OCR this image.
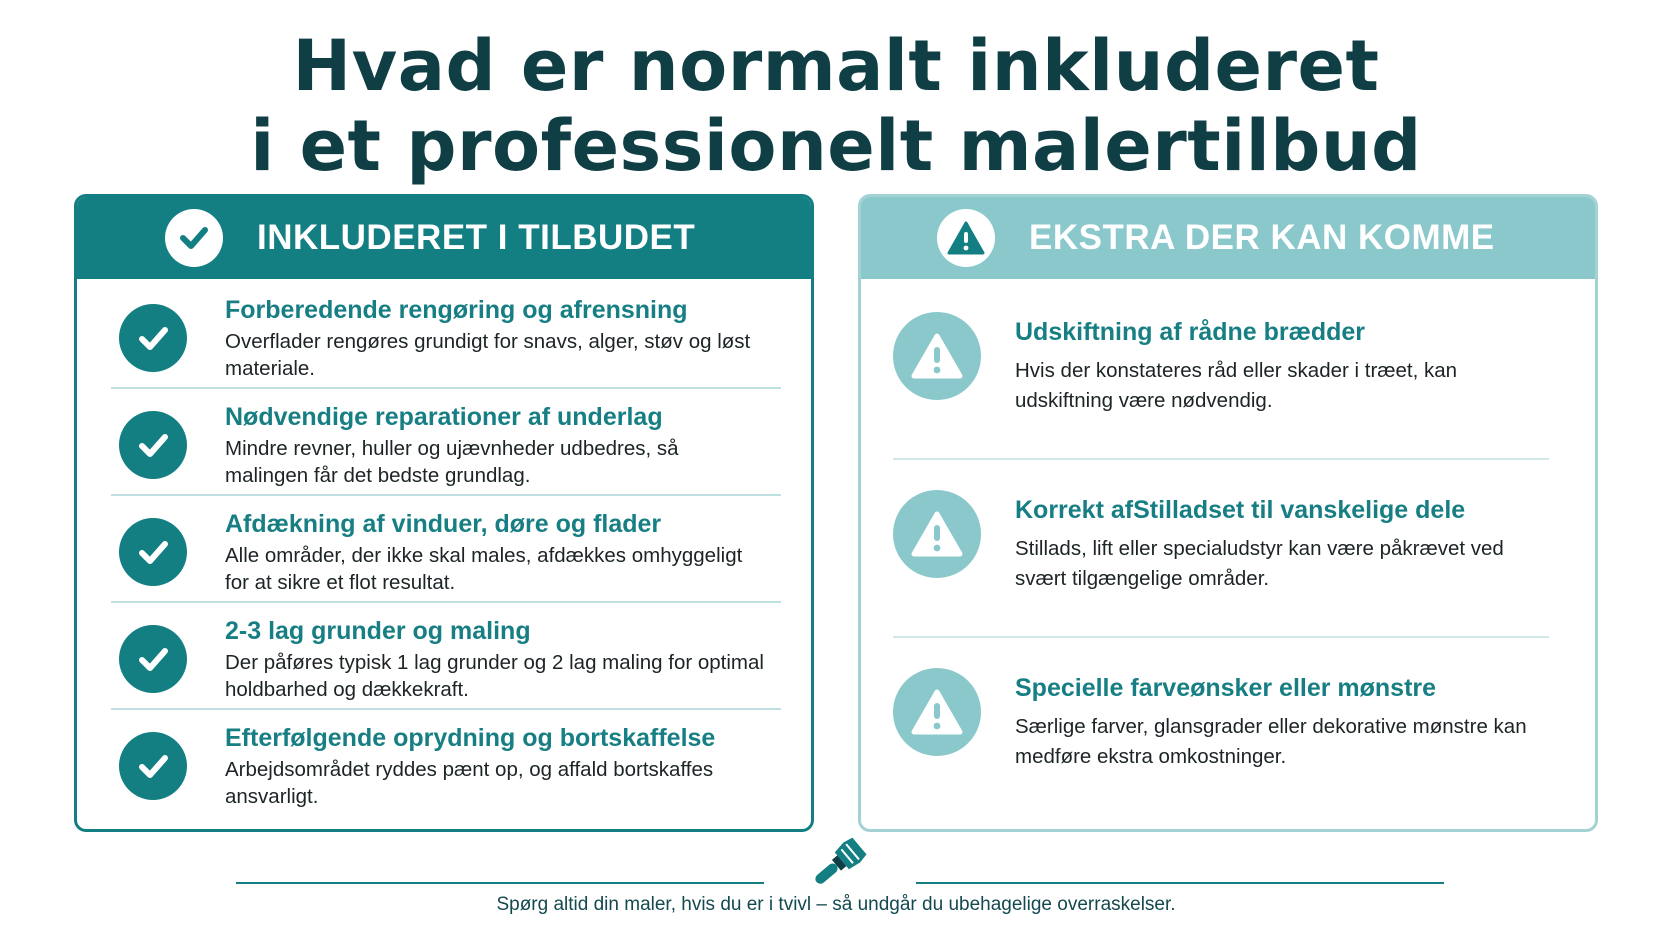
Hvad er normalt inkluderet
i et professionelt malertilbud
INKLUDERET I TILBUDET
Forberedende rengøring og afrensning
Overflader rengøres grundigt for snavs, alger, støv og løst materiale.
Nødvendige reparationer af underlag
Mindre revner, huller og ujævnheder udbedres, så malingen får det bedste grundlag.
Afdækning af vinduer, døre og flader
Alle områder, der ikke skal males, afdækkes omhyggeligt for at sikre et flot resultat.
2-3 lag grunder og maling
Der påføres typisk 1 lag grunder og 2 lag maling for optimal holdbarhed og dækkekraft.
Efterfølgende oprydning og bortskaffelse
Arbejdsområdet ryddes pænt op, og affald bortskaffes ansvarligt.
EKSTRA DER KAN KOMME
Udskiftning af rådne brædder
Hvis der konstateres råd eller skader i træet, kan udskiftning være nødvendig.
Korrekt afStilladset til vanskelige dele
Stillads, lift eller specialudstyr kan være påkrævet ved svært tilgængelige områder.
Specielle farveønsker eller mønstre
Særlige farver, glansgrader eller dekorative mønstre kan medføre ekstra omkostninger.
Spørg altid din maler, hvis du er i tvivl – så undgår du ubehagelige overraskelser.
